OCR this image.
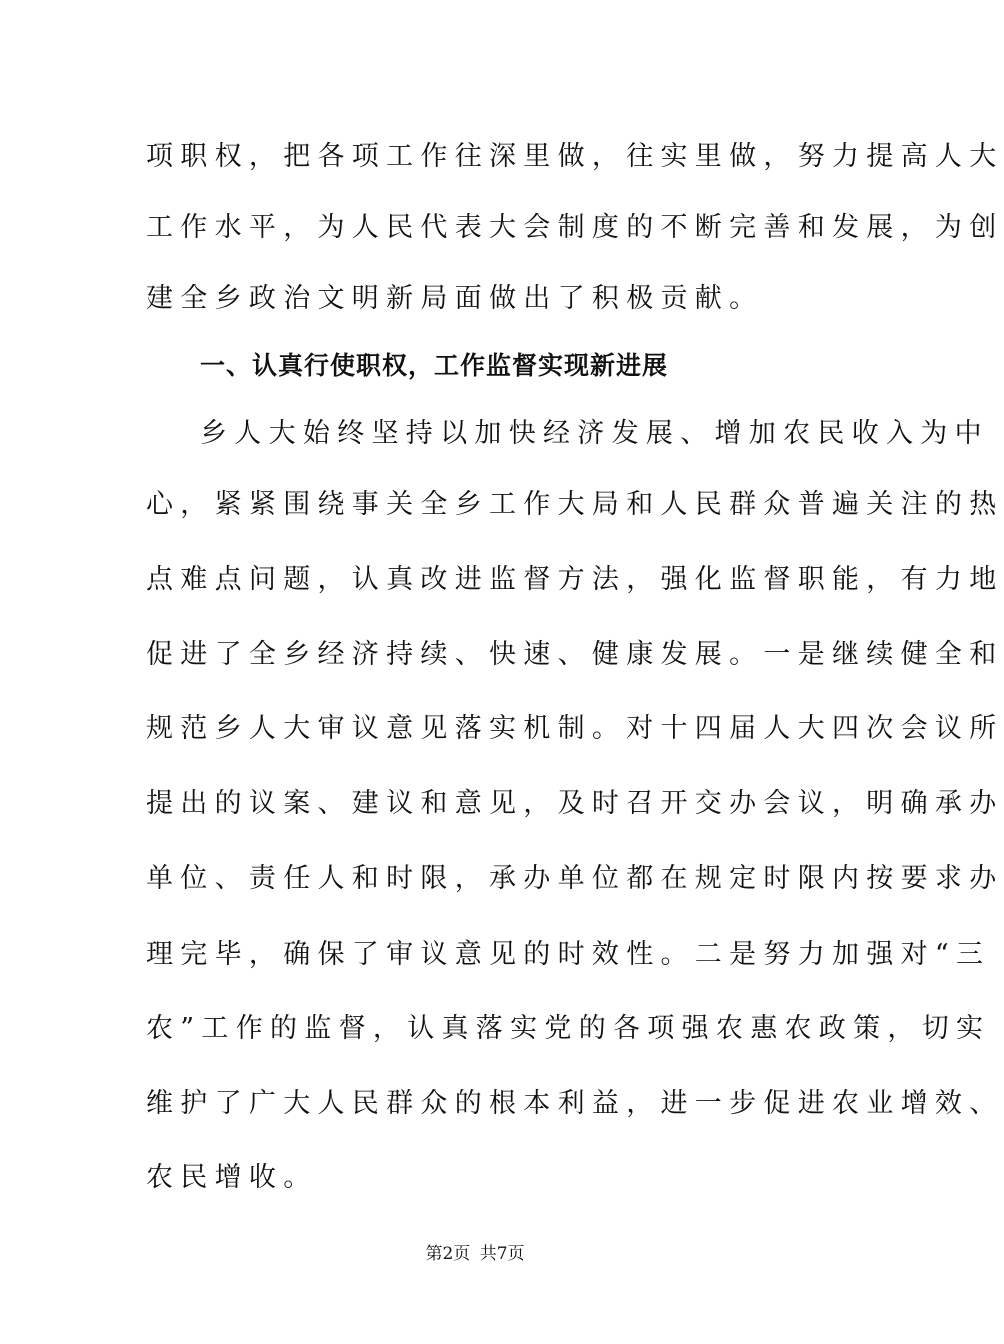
项职权，把各项工作往深里做，往实里做，努力提高人大
工作水平，为人民代表大会制度的不断完善和发展，为创
建全乡政治文明新局面做出了积极贡献。
一、认真行使职权，工作监督实现新进展
乡人大始终坚持以加快经济发展、增加农民收入为中
心，紧紧围绕事关全乡工作大局和人民群众普遍关注的热
点难点问题，认真改进监督方法，强化监督职能，有力地
促进了全乡经济持续、快速、健康发展。一是继续健全和
规范乡人大审议意见落实机制。对十四届人大四次会议所
提出的议案、建议和意见，及时召开交办会议，明确承办
单位、责任人和时限，承办单位都在规定时限内按要求办
理完毕，确保了审议意见的时效性。二是努力加强对“三
农”工作的监督，认真落实党的各项强农惠农政策，切实
维护了广大人民群众的根本利益，进一步促进农业增效、
农民增收。
第2页 共7页
